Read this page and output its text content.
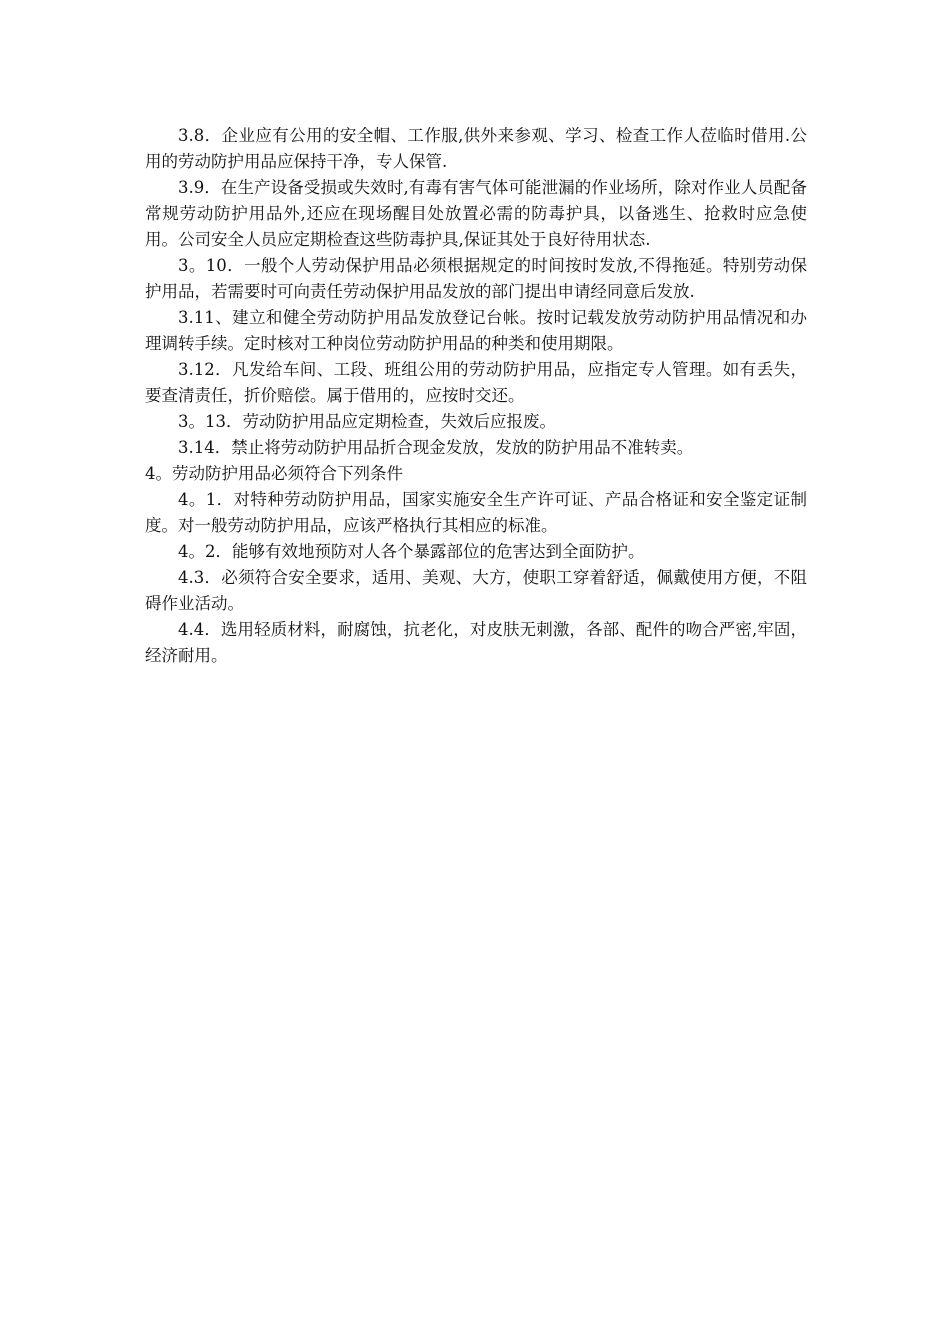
3.8．企业应有公用的安全帽、工作服,供外来参观、学习、检查工作人莅临时借用.公用的劳动防护用品应保持干净，专人保管.

3.9．在生产设备受损或失效时,有毒有害气体可能泄漏的作业场所，除对作业人员配备常规劳动防护用品外,还应在现场醒目处放置必需的防毒护具，以备逃生、抢救时应急使用。公司安全人员应定期检查这些防毒护具,保证其处于良好待用状态.

3。10．一般个人劳动保护用品必须根据规定的时间按时发放,不得拖延。特别劳动保护用品，若需要时可向责任劳动保护用品发放的部门提出申请经同意后发放.

3.11、建立和健全劳动防护用品发放登记台帐。按时记载发放劳动防护用品情况和办理调转手续。定时核对工种岗位劳动防护用品的种类和使用期限。

3.12．凡发给车间、工段、班组公用的劳动防护用品，应指定专人管理。如有丢失，要查清责任，折价赔偿。属于借用的，应按时交还。

3。13．劳动防护用品应定期检查，失效后应报废。

3.14．禁止将劳动防护用品折合现金发放，发放的防护用品不准转卖。

4。劳动防护用品必须符合下列条件

4。1．对特种劳动防护用品，国家实施安全生产许可证、产品合格证和安全鉴定证制度。对一般劳动防护用品，应该严格执行其相应的标准。

4。2．能够有效地预防对人各个暴露部位的危害达到全面防护。

4.3．必须符合安全要求，适用、美观、大方，使职工穿着舒适，佩戴使用方便，不阻碍作业活动。

4.4．选用轻质材料，耐腐蚀，抗老化，对皮肤无刺激，各部、配件的吻合严密,牢固，经济耐用。
